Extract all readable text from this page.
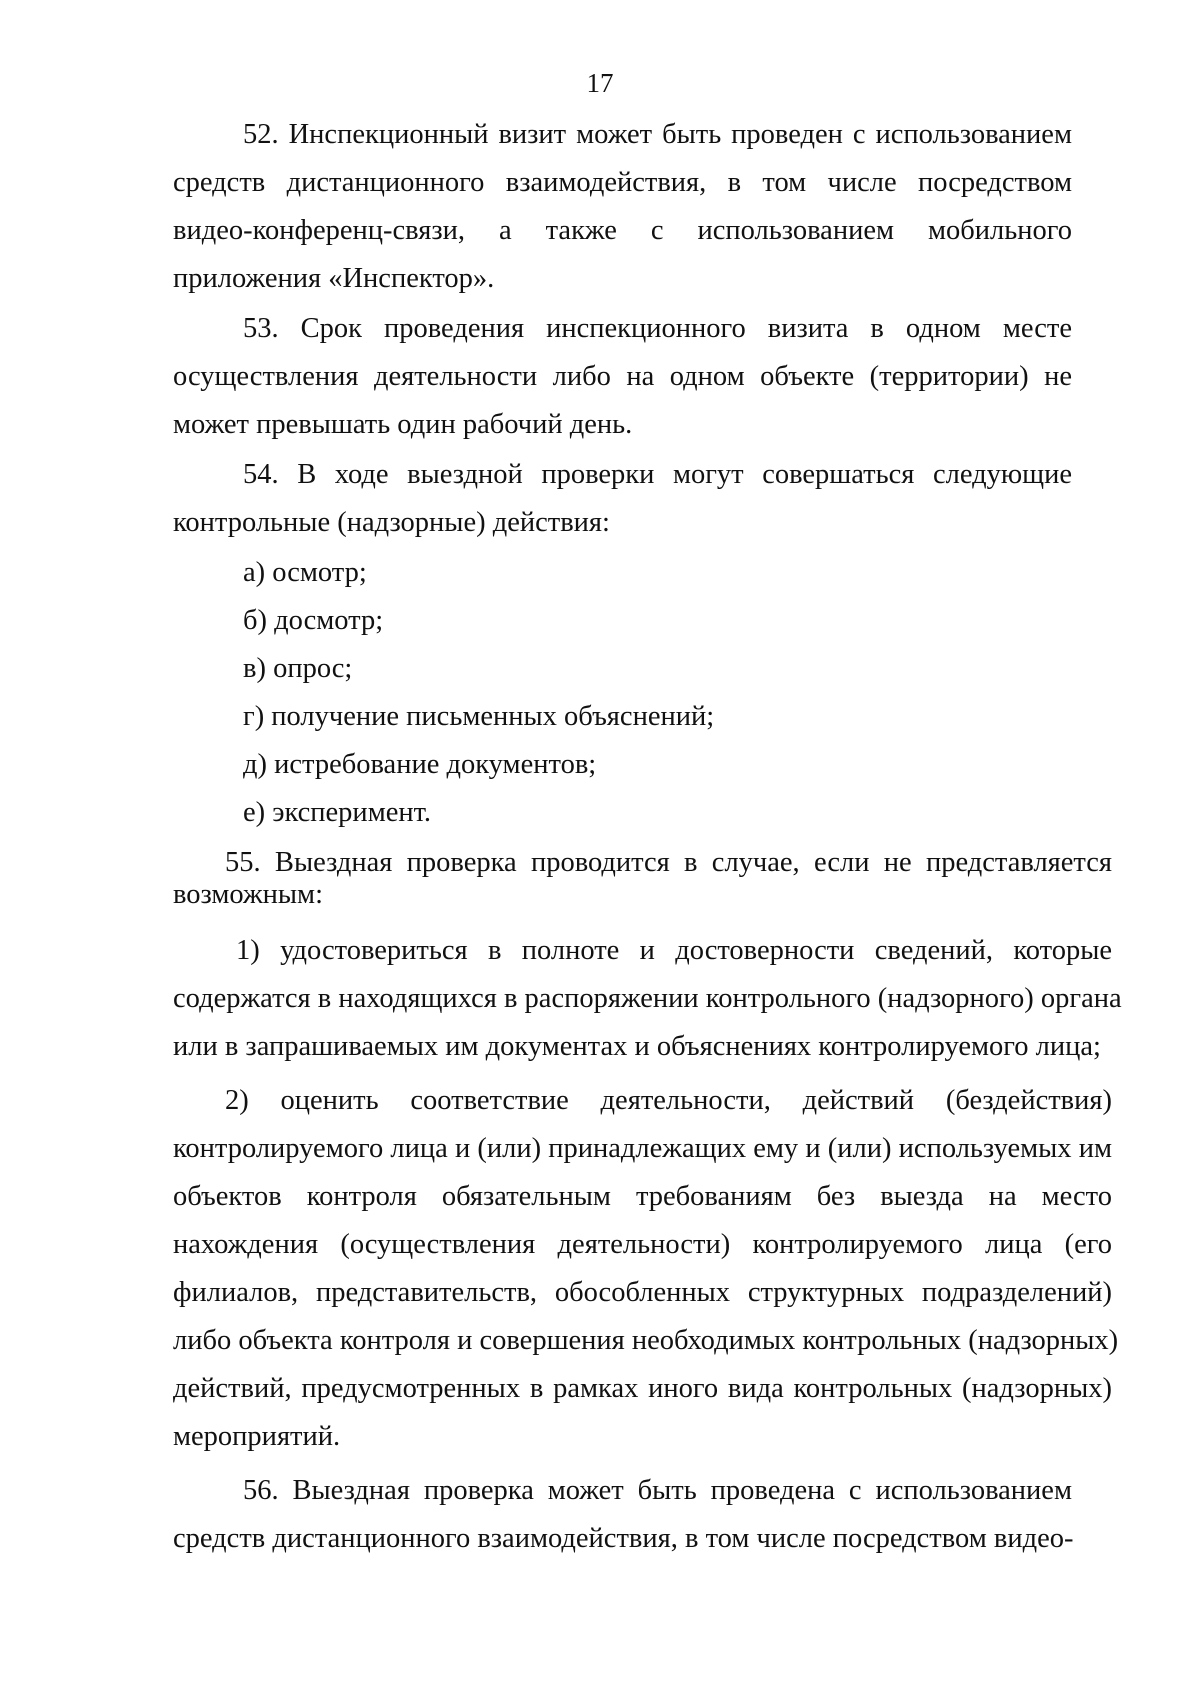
17
52. Инспекционный визит может быть проведен с использованием
средств дистанционного взаимодействия, в том числе посредством
видео-конференц-связи, а также с использованием мобильного
приложения «Инспектор».
53. Срок проведения инспекционного визита в одном месте
осуществления деятельности либо на одном объекте (территории) не
может превышать один рабочий день.
54. В ходе выездной проверки могут совершаться следующие
контрольные (надзорные) действия:
а) осмотр;
б) досмотр;
в) опрос;
г) получение письменных объяснений;
д) истребование документов;
е) эксперимент.
55. Выездная проверка проводится в случае, если не представляется
возможным:
1) удостовериться в полноте и достоверности сведений, которые
содержатся в находящихся в распоряжении контрольного (надзорного) органа
или в запрашиваемых им документах и объяснениях контролируемого лица;
2) оценить соответствие деятельности, действий (бездействия)
контролируемого лица и (или) принадлежащих ему и (или) используемых им
объектов контроля обязательным требованиям без выезда на место
нахождения (осуществления деятельности) контролируемого лица (его
филиалов, представительств, обособленных структурных подразделений)
либо объекта контроля и совершения необходимых контрольных (надзорных)
действий, предусмотренных в рамках иного вида контрольных (надзорных)
мероприятий.
56. Выездная проверка может быть проведена с использованием
средств дистанционного взаимодействия, в том числе посредством видео-
